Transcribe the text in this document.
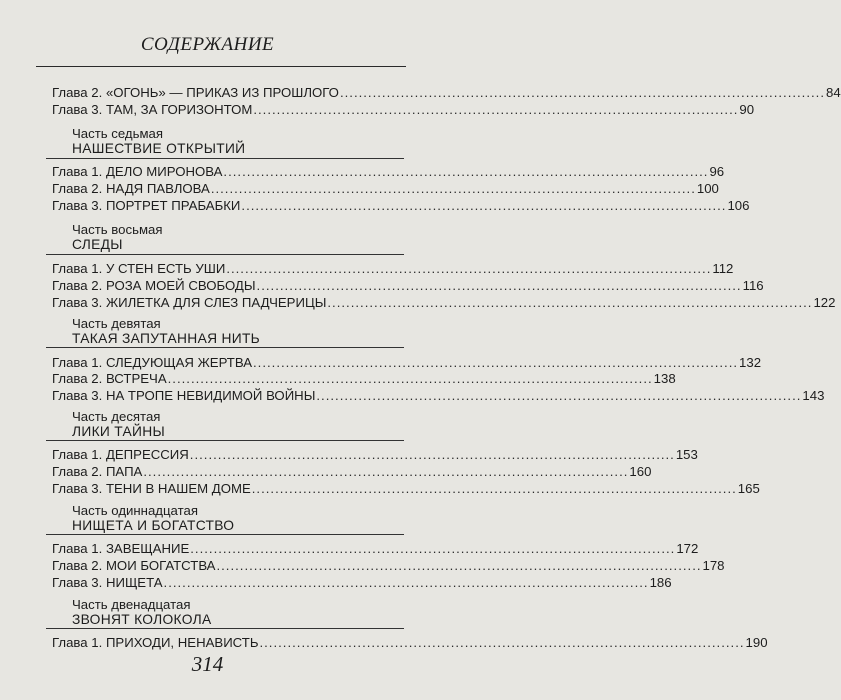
СОДЕРЖАНИЕ
Глава 2. «ОГОНЬ» — ПРИКАЗ ИЗ ПРОШЛОГО ........................................................................................................ 84
Глава 3. ТАМ, ЗА ГОРИЗОНТОМ ........................................................................................................ 90
Часть седьмая
НАШЕСТВИЕ ОТКРЫТИЙ
Глава 1. ДЕЛО МИРОНОВА ........................................................................................................ 96
Глава 2. НАДЯ ПАВЛОВА ........................................................................................................ 100
Глава 3. ПОРТРЕТ ПРАБАБКИ ........................................................................................................ 106
Часть восьмая
СЛЕДЫ
Глава 1. У СТЕН ЕСТЬ УШИ ........................................................................................................ 112
Глава 2. РОЗА МОЕЙ СВОБОДЫ ........................................................................................................ 116
Глава 3. ЖИЛЕТКА ДЛЯ СЛЕЗ ПАДЧЕРИЦЫ ........................................................................................................ 122
Часть девятая
ТАКАЯ ЗАПУТАННАЯ НИТЬ
Глава 1. СЛЕДУЮЩАЯ ЖЕРТВА ........................................................................................................ 132
Глава 2. ВСТРЕЧА ........................................................................................................ 138
Глава 3. НА ТРОПЕ НЕВИДИМОЙ ВОЙНЫ ........................................................................................................ 143
Часть десятая
ЛИКИ ТАЙНЫ
Глава 1. ДЕПРЕССИЯ ........................................................................................................ 153
Глава 2. ПАПА ........................................................................................................ 160
Глава 3. ТЕНИ В НАШЕМ ДОМЕ ........................................................................................................ 165
Часть одиннадцатая
НИЩЕТА И БОГАТСТВО
Глава 1. ЗАВЕЩАНИЕ ........................................................................................................ 172
Глава 2. МОИ БОГАТСТВА ........................................................................................................ 178
Глава 3. НИЩЕТА ........................................................................................................ 186
Часть двенадцатая
ЗВОНЯТ КОЛОКОЛА
Глава 1. ПРИХОДИ, НЕНАВИСТЬ ........................................................................................................ 190
314
